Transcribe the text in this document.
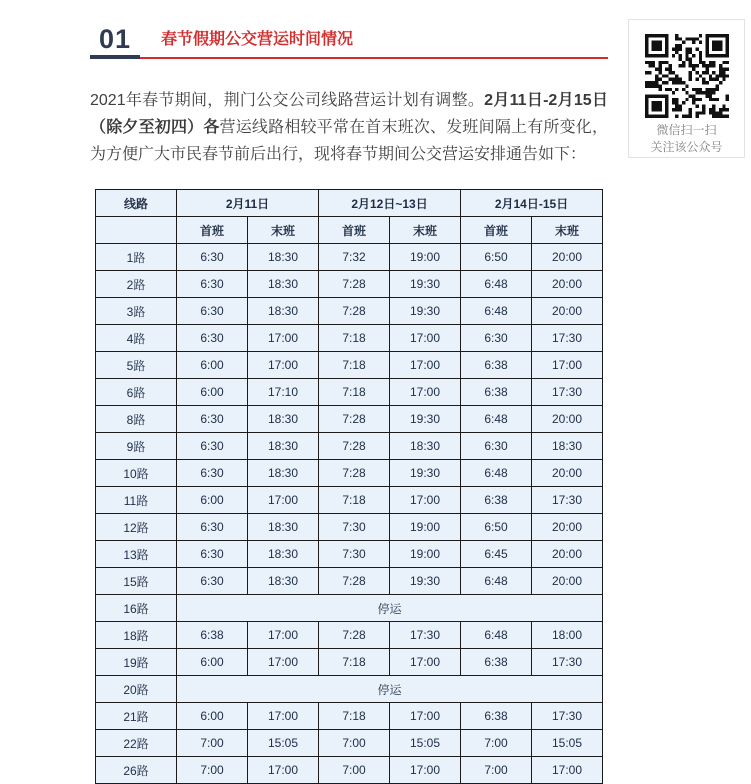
01	春节假期公交营运时间情况

2021年春节期间，荆门公交公司线路营运计划有调整。2月11日-2月15日（除夕至初四）各营运线路相较平常在首末班次、发班间隔上有所变化，为方便广大市民春节前后出行，现将春节期间公交营运安排通告如下：

线路	2月11日		2月12日~13日		2月14日-15日	
	首班	末班	首班	末班	首班	末班
1路	6:30	18:30	7:32	19:00	6:50	20:00
2路	6:30	18:30	7:28	19:30	6:48	20:00
3路	6:30	18:30	7:28	19:30	6:48	20:00
4路	6:30	17:00	7:18	17:00	6:30	17:30
5路	6:00	17:00	7:18	17:00	6:38	17:00
6路	6:00	17:10	7:18	17:00	6:38	17:30
8路	6:30	18:30	7:28	19:30	6:48	20:00
9路	6:30	18:30	7:28	18:30	6:30	18:30
10路	6:30	18:30	7:28	19:30	6:48	20:00
11路	6:00	17:00	7:18	17:00	6:38	17:30
12路	6:30	18:30	7:30	19:00	6:50	20:00
13路	6:30	18:30	7:30	19:00	6:45	20:00
15路	6:30	18:30	7:28	19:30	6:48	20:00
16路	停运					
18路	6:38	17:00	7:28	17:30	6:48	18:00
19路	6:00	17:00	7:18	17:00	6:38	17:30
20路	停运					
21路	6:00	17:00	7:18	17:00	6:38	17:30
22路	7:00	15:05	7:00	15:05	7:00	15:05
26路	7:00	17:00	7:00	17:00	7:00	17:00
微信扫一扫
关注该公众号
